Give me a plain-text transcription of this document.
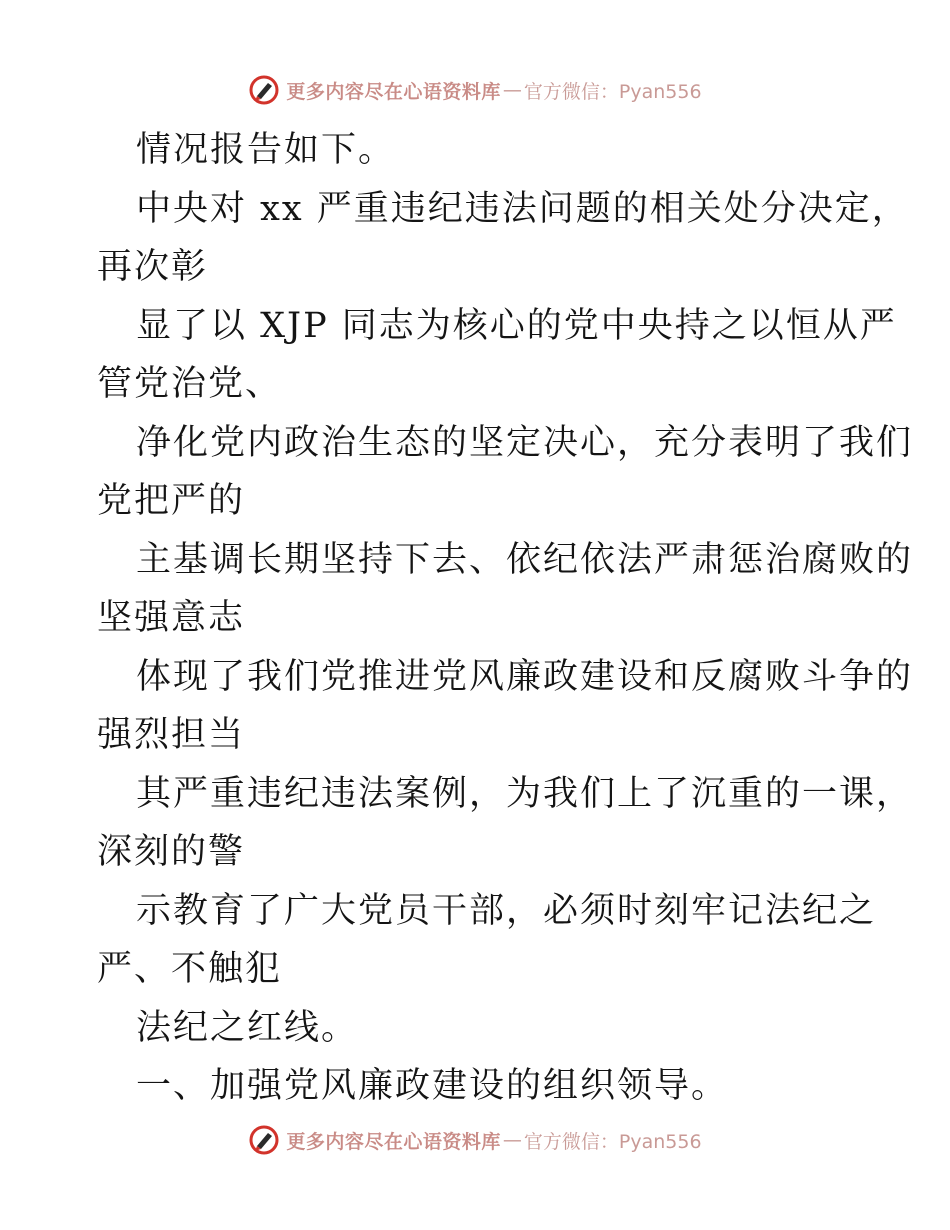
更多内容尽在心语资料库 — 官方微信：Pyan556
情况报告如下。
中央对 xx 严重违纪违法问题的相关处分决定，
再次彰
显了以 XJP 同志为核心的党中央持之以恒从严
管党治党、
净化党内政治生态的坚定决心，充分表明了我们
党把严的
主基调长期坚持下去、依纪依法严肃惩治腐败的
坚强意志
体现了我们党推进党风廉政建设和反腐败斗争的
强烈担当
其严重违纪违法案例，为我们上了沉重的一课，
深刻的警
示教育了广大党员干部，必须时刻牢记法纪之
严、不触犯
法纪之红线。
一、加强党风廉政建设的组织领导。
更多内容尽在心语资料库 — 官方微信：Pyan556
